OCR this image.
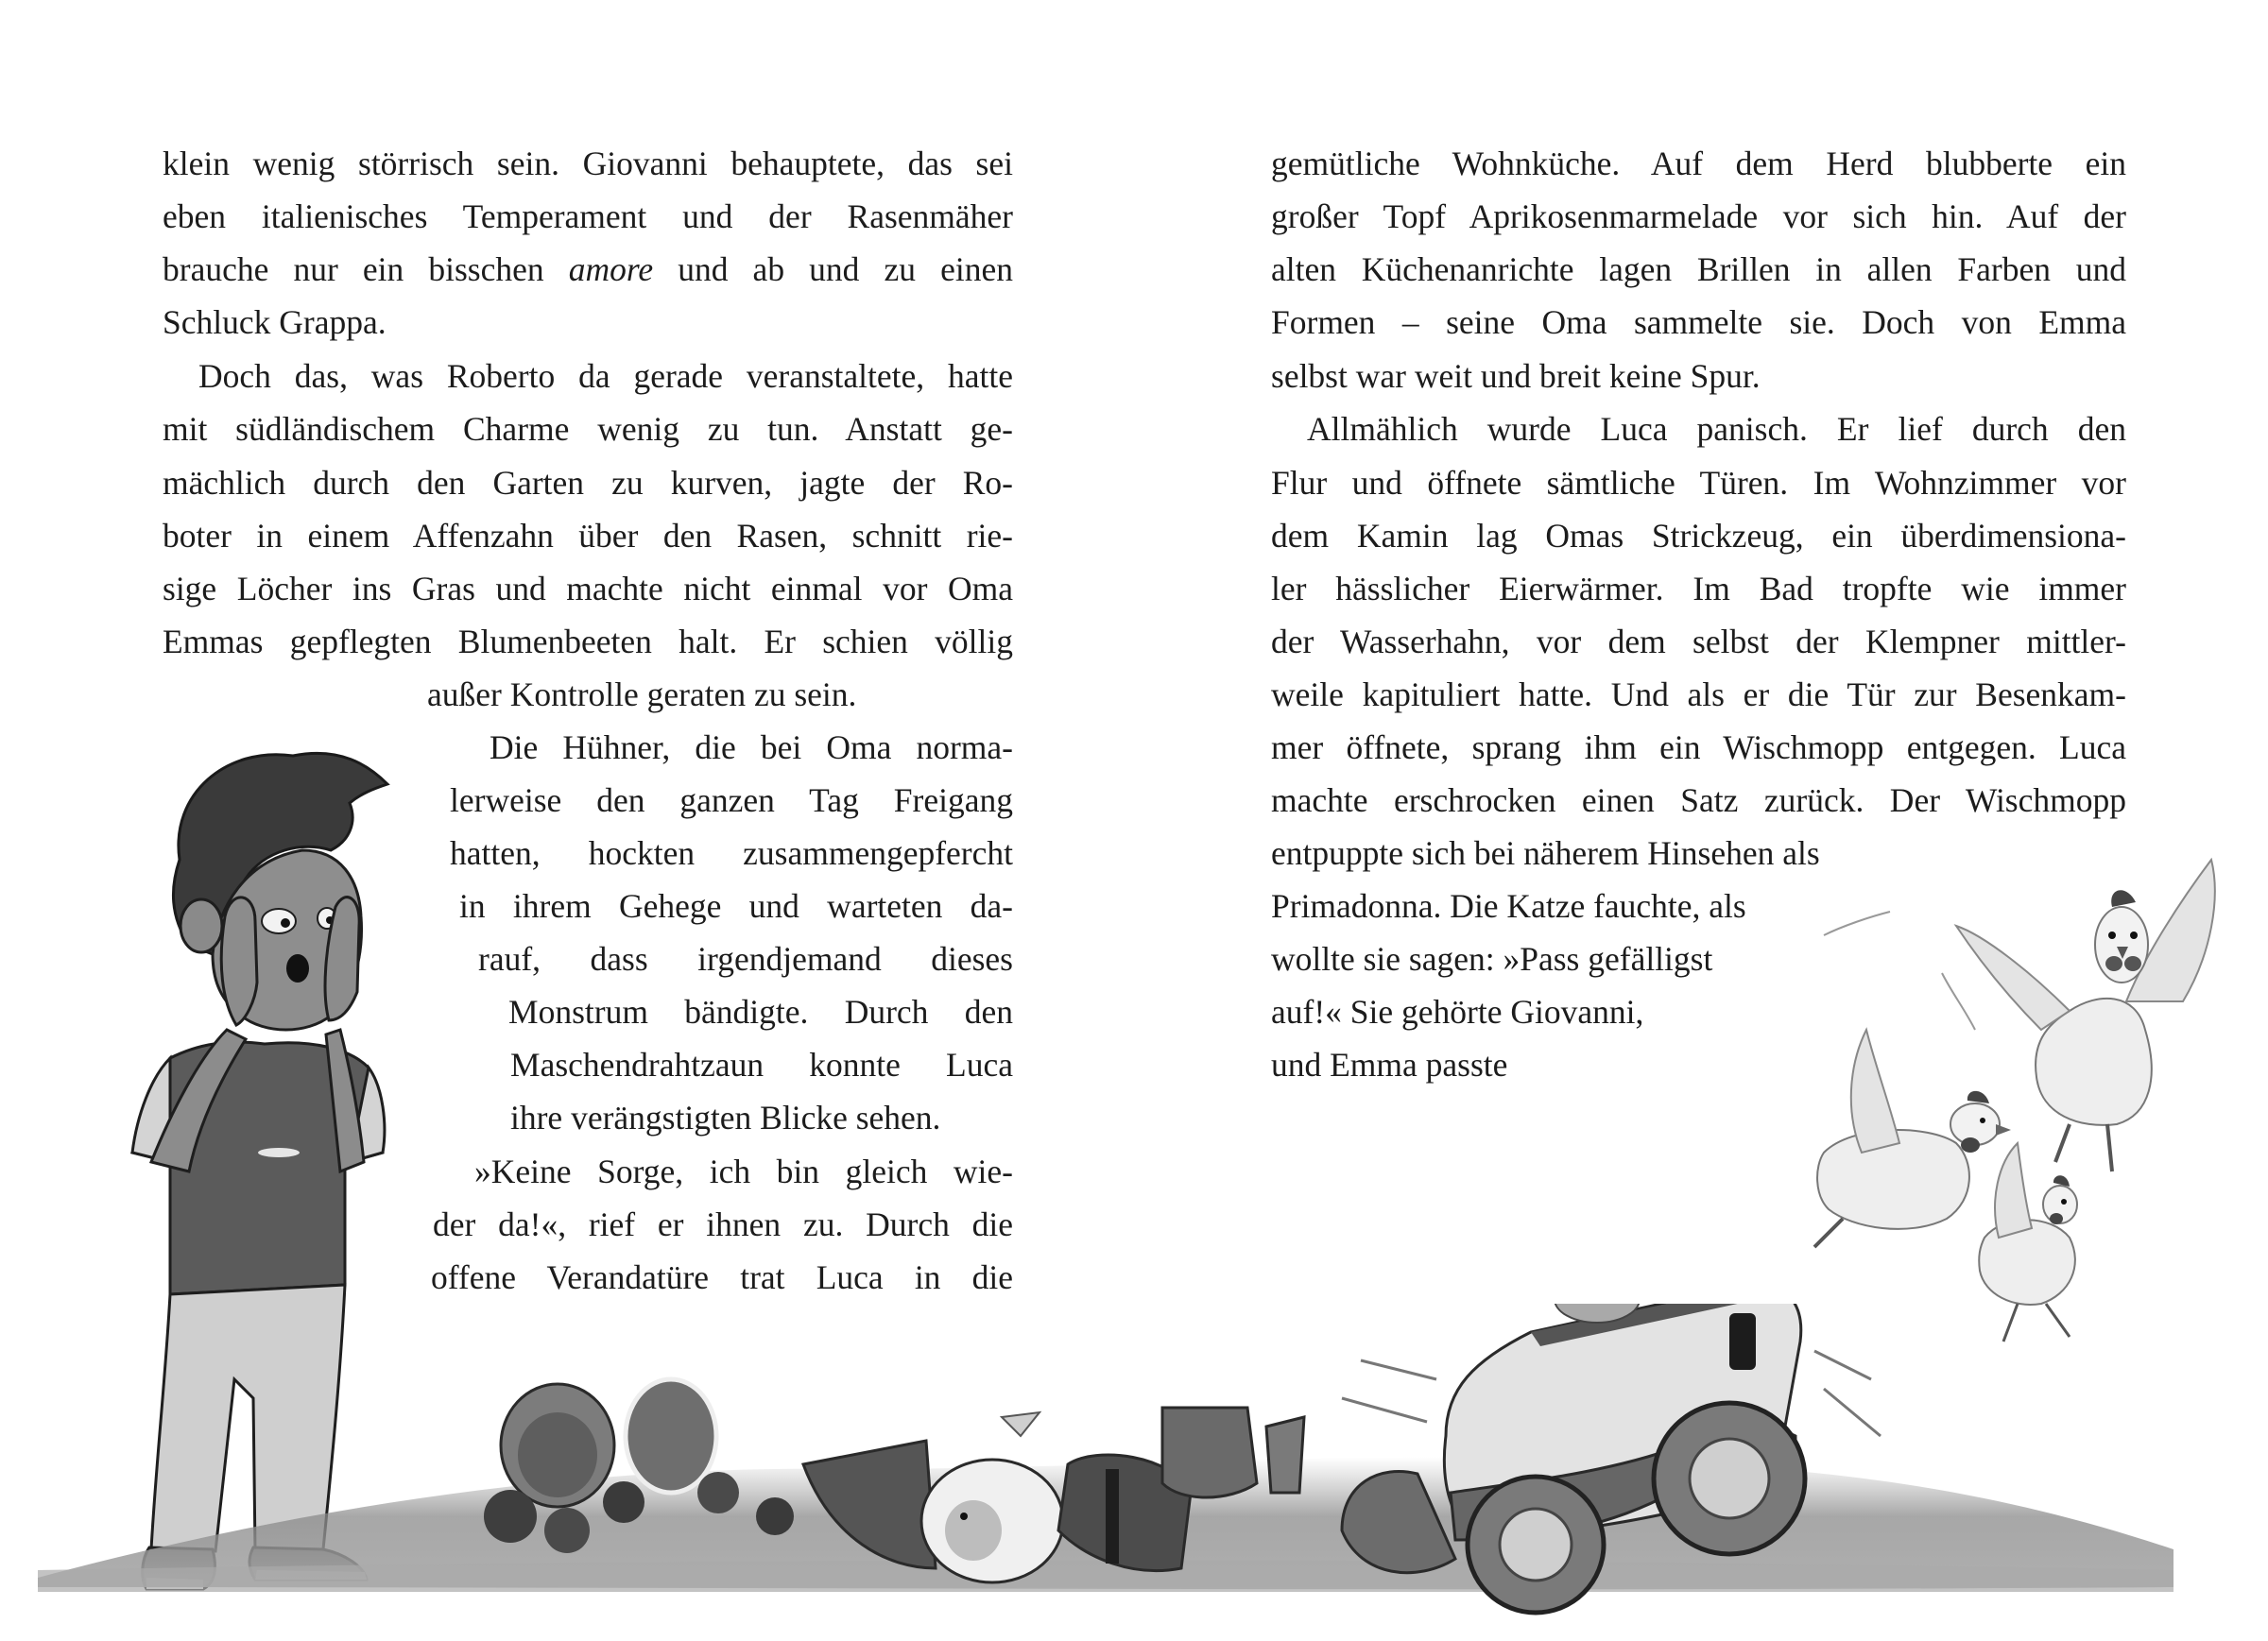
klein wenig störrisch sein. Giovanni behauptete, das sei
eben italienisches Temperament und der Rasenmäher
brauche nur ein bisschen amore und ab und zu einen
Schluck Grappa.
Doch das, was Roberto da gerade veranstaltete, hatte
mit südländischem Charme wenig zu tun. Anstatt ge-
mächlich durch den Garten zu kurven, jagte der Ro-
boter in einem Affenzahn über den Rasen, schnitt rie-
sige Löcher ins Gras und machte nicht einmal vor Oma
Emmas gepflegten Blumenbeeten halt. Er schien völlig
außer Kontrolle geraten zu sein.
Die Hühner, die bei Oma norma-
lerweise den ganzen Tag Freigang
hatten, hockten zusammengepfercht
in ihrem Gehege und warteten da-
rauf, dass irgendjemand dieses
Monstrum bändigte. Durch den
Maschendrahtzaun konnte Luca
ihre verängstigten Blicke sehen.
»Keine Sorge, ich bin gleich wie-
der da!«, rief er ihnen zu. Durch die
offene Verandatüre trat Luca in die
gemütliche Wohnküche. Auf dem Herd blubberte ein
großer Topf Aprikosenmarmelade vor sich hin. Auf der
alten Küchenanrichte lagen Brillen in allen Farben und
Formen – seine Oma sammelte sie. Doch von Emma
selbst war weit und breit keine Spur.
Allmählich wurde Luca panisch. Er lief durch den
Flur und öffnete sämtliche Türen. Im Wohnzimmer vor
dem Kamin lag Omas Strickzeug, ein überdimensiona-
ler hässlicher Eierwärmer. Im Bad tropfte wie immer
der Wasserhahn, vor dem selbst der Klempner mittler-
weile kapituliert hatte. Und als er die Tür zur Besenkam-
mer öffnete, sprang ihm ein Wischmopp entgegen. Luca
machte erschrocken einen Satz zurück. Der Wischmopp
entpuppte sich bei näherem Hinsehen als
Primadonna. Die Katze fauchte, als
wollte sie sagen: »Pass gefälligst
auf!« Sie gehörte Giovanni,
und Emma passte
